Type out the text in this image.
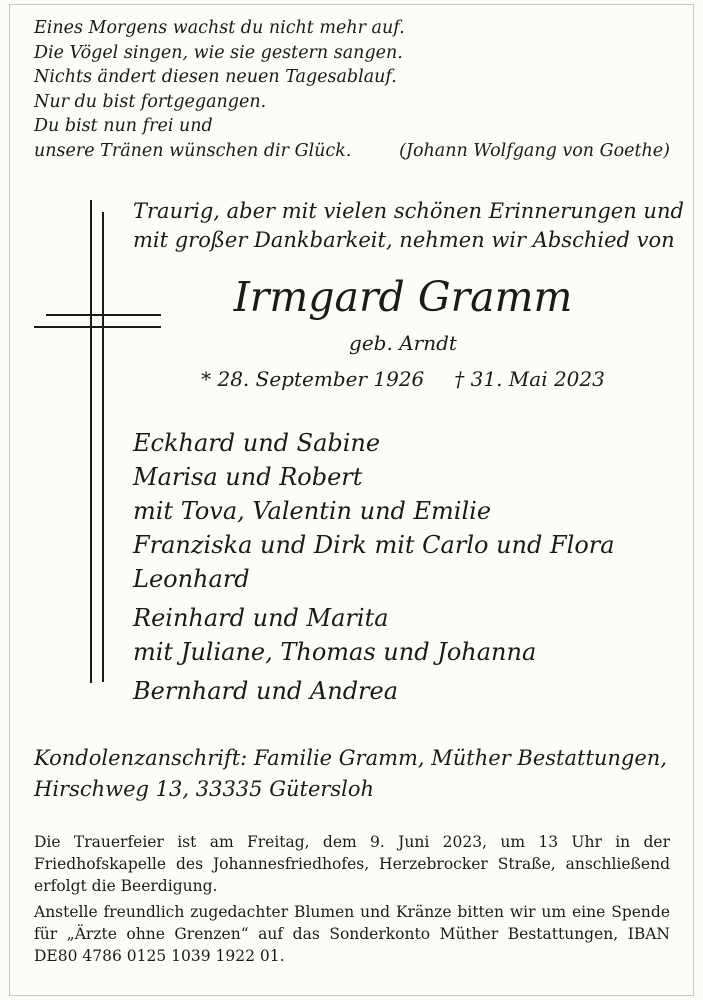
Eines Morgens wachst du nicht mehr auf.
Die Vögel singen, wie sie gestern sangen.
Nichts ändert diesen neuen Tagesablauf.
Nur du bist fortgegangen.
Du bist nun frei und
unsere Tränen wünschen dir Glück.	(Johann Wolfgang von Goethe)
Traurig, aber mit vielen schönen Erinnerungen und
mit großer Dankbarkeit, nehmen wir Abschied von
Irmgard Gramm
geb. Arndt
* 28. September 1926 † 31. Mai 2023
Eckhard und Sabine
Marisa und Robert
mit Tova, Valentin und Emilie
Franziska und Dirk mit Carlo und Flora
Leonhard
Reinhard und Marita
mit Juliane, Thomas und Johanna
Bernhard und Andrea
Kondolenzanschrift: Familie Gramm, Müther Bestattungen,
Hirschweg 13, 33335 Gütersloh

Die Trauerfeier ist am Freitag, dem 9. Juni 2023, um 13 Uhr in der Friedhofskapelle des Johannesfriedhofes, Herzebrocker Straße, anschließend erfolgt die Beerdigung.

Anstelle freundlich zugedachter Blumen und Kränze bitten wir um eine Spende für „Ärzte ohne Grenzen“ auf das Sonderkonto Müther Bestattungen, IBAN DE80 4786 0125 1039 1922 01.
